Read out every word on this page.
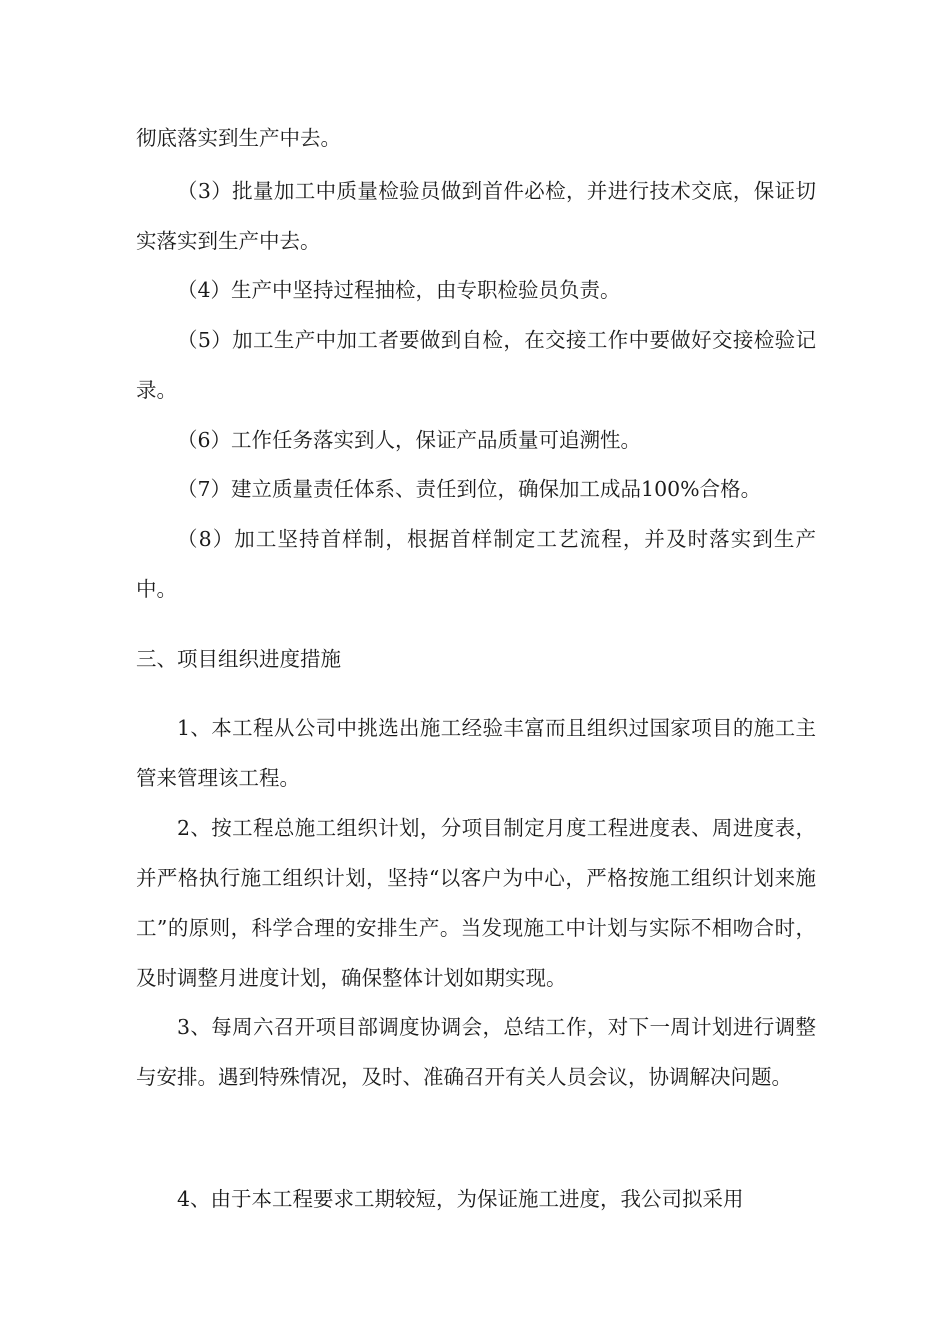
彻底落实到生产中去。
（3）批量加工中质量检验员做到首件必检，并进行技术交底，保证切实落实到生产中去。
（4）生产中坚持过程抽检，由专职检验员负责。
（5）加工生产中加工者要做到自检，在交接工作中要做好交接检验记录。
（6）工作任务落实到人，保证产品质量可追溯性。
（7）建立质量责任体系、责任到位，确保加工成品100%合格。
（8）加工坚持首样制，根据首样制定工艺流程，并及时落实到生产中。
三、项目组织进度措施
1、本工程从公司中挑选出施工经验丰富而且组织过国家项目的施工主管来管理该工程。
2、按工程总施工组织计划，分项目制定月度工程进度表、周进度表，并严格执行施工组织计划，坚持“以客户为中心，严格按施工组织计划来施工”的原则，科学合理的安排生产。当发现施工中计划与实际不相吻合时，及时调整月进度计划，确保整体计划如期实现。
3、每周六召开项目部调度协调会，总结工作，对下一周计划进行调整与安排。遇到特殊情况，及时、准确召开有关人员会议，协调解决问题。
4、由于本工程要求工期较短，为保证施工进度，我公司拟采用
